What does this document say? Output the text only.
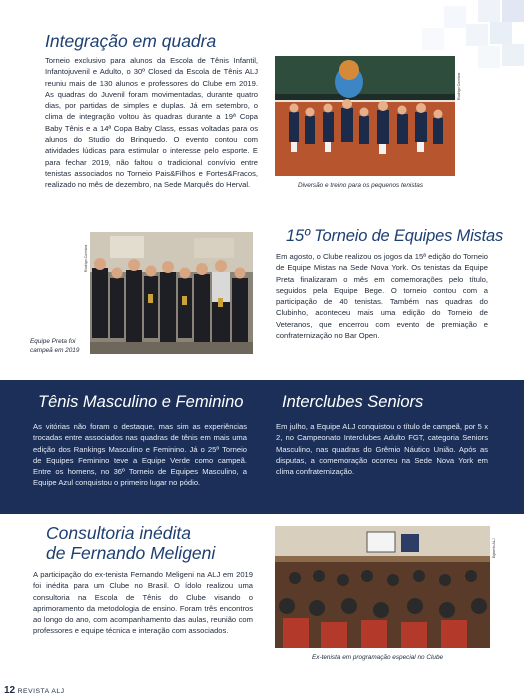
Integração em quadra

Torneio exclusivo para alunos da Escola de Tênis Infantil, Infantojuvenil e Adulto, o 30º Closed da Escola de Tênis ALJ reuniu mais de 130 alunos e professores do Clube em 2019. As quadras do Juvenil foram movimentadas, durante quatro dias, por partidas de simples e duplas. Já em setembro, o clima de integração voltou às quadras durante a 19ª Copa Baby Tênis e a 14ª Copa Baby Class, essas voltadas para os alunos do Studio do Brinquedo. O evento contou com atividades lúdicas para estimular o interesse pelo esporte. E para fechar 2019, não faltou o tradicional convívio entre tenistas associados no Torneio Pais&Filhos e Fortes&Fracos, realizado no mês de dezembro, na Sede Marquês do Herval.

Rodrigo Coimbra

Diversão e treino para os pequenos tenistas

Rodrigo Coimbra

Equipe Preta foi

campeã em 2019

15º Torneio de Equipes Mistas

Em agosto, o Clube realizou os jogos da 15ª edição do Torneio de Equipe Mistas na Sede Nova York. Os tenistas da Equipe Preta finalizaram o mês em comemorações pelo título, seguidos pela Equipe Bege. O torneio contou com a participação de 40 tenistas. Também nas quadras do Clubinho, aconteceu mais uma edição do Torneio de Veteranos, que encerrou com evento de premiação e confraternização no Bar Open.

Tênis Masculino e Feminino

As vitórias não foram o destaque, mas sim as experiências trocadas entre associados nas quadras de tênis em mais uma edição dos Rankings Masculino e Feminino. Já o 25º Torneio de Equipes Feminino teve a Equipe Verde como campeã. Entre os homens, no 36º Torneio de Equipes Masculino, a Equipe Azul conquistou o primeiro lugar no pódio.

Interclubes Seniors

Em julho, a Equipe ALJ conquistou o título de campeã, por 5 x 2, no Campeonato Interclubes Adulto FGT, categoria Seniors Masculino, nas quadras do Grêmio Náutico União. Após as disputas, a comemoração ocorreu na Sede Nova York em clima confraternização.

Consultoria inédita
de Fernando Meligeni

A participação do ex-tenista Fernando Meligeni na ALJ em 2019 foi inédita para um Clube no Brasil. O ídolo realizou uma consultoria na Escola de Tênis do Clube visando o aprimoramento da metodologia de ensino. Foram três encontros ao longo do ano, com acompanhamento das aulas, reunião com professores e equipe técnica e interação com associados.

Egberto ALJ

Ex-tenista em programação especial no Clube

12 REVISTA ALJ
